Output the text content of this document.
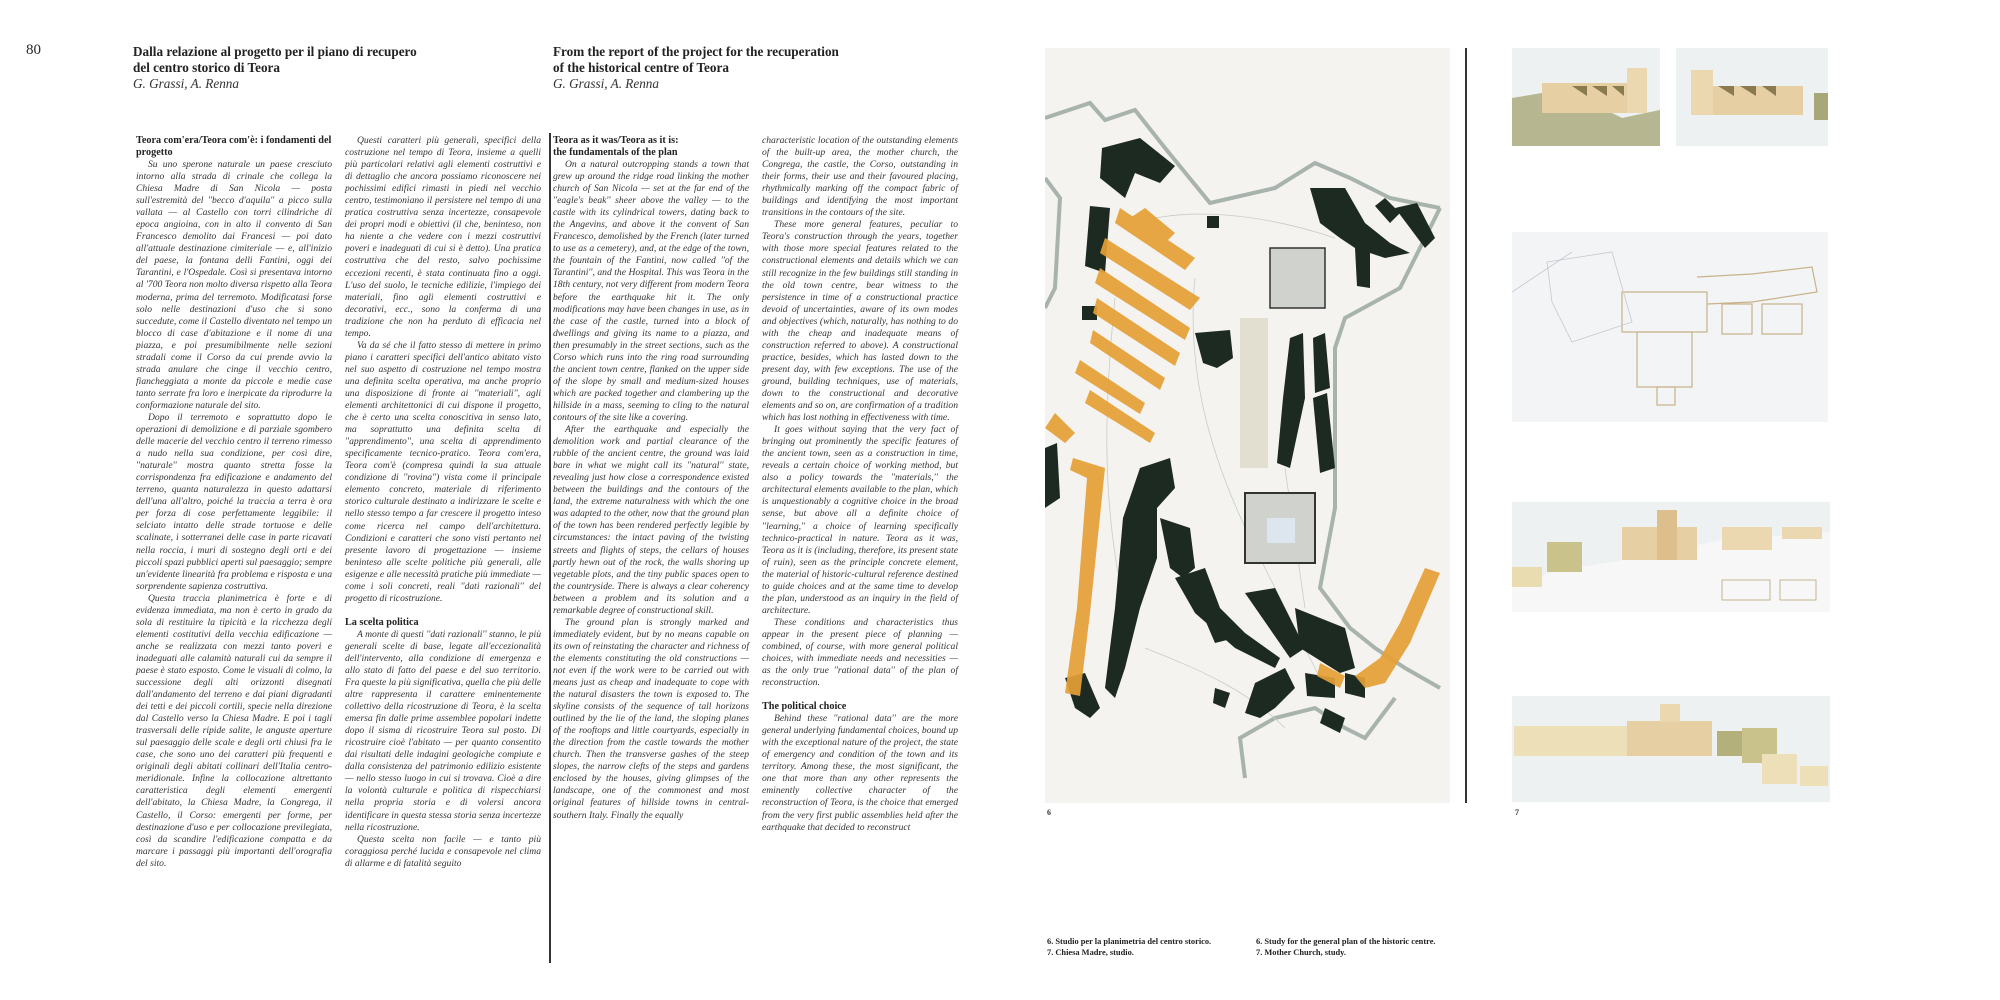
80	Dalla relazione al progetto per il piano di recupero
del centro storico di Teora
G. Grassi, A. Renna
From the report of the project for the recuperation
of the historical centre of Teora
G. Grassi, A. Renna
Teora com'era/Teora com'è: i fondamenti del progetto

Su uno sperone naturale un paese cresciuto intorno alla strada di crinale che collega la Chiesa Madre di San Nicola — posta sull'estremità del ''becco d'aquila'' a picco sulla vallata — al Castello con torri cilindriche di epoca angioina, con in alto il convento di San Francesco demolito dai Francesi — poi dato all'attuale destinazione cimiteriale — e, all'inizio del paese, la fontana delli Fantini, oggi dei Tarantini, e l'Ospedale. Così si presentava intorno al '700 Teora non molto diversa rispetto alla Teora moderna, prima del terremoto. Modificatasi forse solo nelle destinazioni d'uso che si sono succedute, come il Castello diventato nel tempo un blocco di case d'abitazione e il nome di una piazza, e poi presumibilmente nelle sezioni stradali come il Corso da cui prende avvio la strada anulare che cinge il vecchio centro, fiancheggiata a monte da piccole e medie case tanto serrate fra loro e inerpicate da riprodurre la conformazione naturale del sito.

Dopo il terremoto e soprattutto dopo le operazioni di demolizione e di parziale sgombero delle macerie del vecchio centro il terreno rimesso a nudo nella sua condizione, per così dire, ''naturale'' mostra quanto stretta fosse la corrispondenza fra edificazione e andamento del terreno, quanta naturalezza in questo adattarsi dell'una all'altro, poiché la traccia a terra è ora per forza di cose perfettamente leggibile: il selciato intatto delle strade tortuose e delle scalinate, i sotterranei delle case in parte ricavati nella roccia, i muri di sostegno degli orti e dei piccoli spazi pubblici aperti sul paesaggio; sempre un'evidente linearità fra problema e risposta e una sorprendente sapienza costruttiva.

Questa traccia planimetrica è forte e di evidenza immediata, ma non è certo in grado da sola di restituire la tipicità e la ricchezza degli elementi costitutivi della vecchia edificazione — anche se realizzata con mezzi tanto poveri e inadeguati alle calamità naturali cui da sempre il paese è stato esposto. Come le visuali di colmo, la successione degli alti orizzonti disegnati dall'andamento del terreno e dai piani digradanti dei tetti e dei piccoli cortili, specie nella direzione dal Castello verso la Chiesa Madre. E poi i tagli trasversali delle ripide salite, le anguste aperture sul paesaggio delle scale e degli orti chiusi fra le case, che sono uno dei caratteri più frequenti e originali degli abitati collinari dell'Italia centro-meridionale. Infine la collocazione altrettanto caratteristica degli elementi emergenti dell'abitato, la Chiesa Madre, la Congrega, il Castello, il Corso: emergenti per forme, per destinazione d'uso e per collocazione previlegiata, così da scandire l'edificazione compatta e da marcare i passaggi più importanti dell'orografia del sito.

Questi caratteri più generali, specifici della costruzione nel tempo di Teora, insieme a quelli più particolari relativi agli elementi costruttivi e di dettaglio che ancora possiamo riconoscere nei pochissimi edifici rimasti in piedi nel vecchio centro, testimoniano il persistere nel tempo di una pratica costruttiva senza incertezze, consapevole dei propri modi e obiettivi (il che, beninteso, non ha niente a che vedere con i mezzi costruttivi poveri e inadeguati di cui si è detto). Una pratica costruttiva che del resto, salvo pochissime eccezioni recenti, è stata continuata fino a oggi. L'uso del suolo, le tecniche edilizie, l'impiego dei materiali, fino agli elementi costruttivi e decorativi, ecc., sono la conferma di una tradizione che non ha perduto di efficacia nel tempo.

Va da sé che il fatto stesso di mettere in primo piano i caratteri specifici dell'antico abitato visto nel suo aspetto di costruzione nel tempo mostra una definita scelta operativa, ma anche proprio una disposizione di fronte ai ''materiali'', agli elementi architettonici di cui dispone il progetto, che è certo una scelta conoscitiva in senso lato, ma soprattutto una definita scelta di ''apprendimento'', una scelta di apprendimento specificamente tecnico-pratico. Teora com'era, Teora com'è (compresa quindi la sua attuale condizione di ''rovina'') vista come il principale elemento concreto, materiale di riferimento storico culturale destinato a indirizzare le scelte e nello stesso tempo a far crescere il progetto inteso come ricerca nel campo dell'architettura. Condizioni e caratteri che sono visti pertanto nel presente lavoro di progettazione — insieme beninteso alle scelte politiche più generali, alle esigenze e alle necessità pratiche più immediate — come i soli concreti, reali ''dati razionali'' del progetto di ricostruzione.

La scelta politica

A monte di questi ''dati razionali'' stanno, le più generali scelte di base, legate all'eccezionalità dell'intervento, alla condizione di emergenza e allo stato di fatto del paese e del suo territorio. Fra queste la più significativa, quella che più delle altre rappresenta il carattere eminentemente collettivo della ricostruzione di Teora, è la scelta emersa fin dalle prime assemblee popolari indette dopo il sisma di ricostruire Teora sul posto. Di ricostruire cioè l'abitato — per quanto consentito dai risultati delle indagini geologiche compiute e dalla consistenza del patrimonio edilizio esistente — nello stesso luogo in cui si trovava. Cioè a dire la volontà culturale e politica di rispecchiarsi nella propria storia e di volersi ancora identificare in questa stessa storia senza incertezze nella ricostruzione.

Questa scelta non facile — e tanto più coraggiosa perché lucida e consapevole nel clima di allarme e di fatalità seguito

Teora as it was/Teora as it is:
the fundamentals of the plan

On a natural outcropping stands a town that grew up around the ridge road linking the mother church of San Nicola — set at the far end of the ''eagle's beak'' sheer above the valley — to the castle with its cylindrical towers, dating back to the Angevins, and above it the convent of San Francesco, demolished by the French (later turned to use as a cemetery), and, at the edge of the town, the fountain of the Fantini, now called ''of the Tarantini'', and the Hospital. This was Teora in the 18th century, not very different from modern Teora before the earthquake hit it. The only modifications may have been changes in use, as in the case of the castle, turned into a block of dwellings and giving its name to a piazza, and then presumably in the street sections, such as the Corso which runs into the ring road surrounding the ancient town centre, flanked on the upper side of the slope by small and medium-sized houses which are packed together and clambering up the hillside in a mass, seeming to cling to the natural contours of the site like a covering.

After the earthquake and especially the demolition work and partial clearance of the rubble of the ancient centre, the ground was laid bare in what we might call its ''natural'' state, revealing just how close a correspondence existed between the buildings and the contours of the land, the extreme naturalness with which the one was adapted to the other, now that the ground plan of the town has been rendered perfectly legible by circumstances: the intact paving of the twisting streets and flights of steps, the cellars of houses partly hewn out of the rock, the walls shoring up vegetable plots, and the tiny public spaces open to the countryside. There is always a clear coherency between a problem and its solution and a remarkable degree of constructional skill.

The ground plan is strongly marked and immediately evident, but by no means capable on its own of reinstating the character and richness of the elements constituting the old constructions — not even if the work were to be carried out with means just as cheap and inadequate to cope with the natural disasters the town is exposed to. The skyline consists of the sequence of tall horizons outlined by the lie of the land, the sloping planes of the rooftops and little courtyards, especially in the direction from the castle towards the mother church. Then the transverse gashes of the steep slopes, the narrow clefts of the steps and gardens enclosed by the houses, giving glimpses of the landscape, one of the commonest and most original features of hillside towns in central-southern Italy. Finally the equally

characteristic location of the outstanding elements of the built-up area, the mother church, the Congrega, the castle, the Corso, outstanding in their forms, their use and their favoured placing, rhythmically marking off the compact fabric of buildings and identifying the most important transitions in the contours of the site.

These more general features, peculiar to Teora's construction through the years, together with those more special features related to the constructional elements and details which we can still recognize in the few buildings still standing in the old town centre, bear witness to the persistence in time of a constructional practice devoid of uncertainties, aware of its own modes and objectives (which, naturally, has nothing to do with the cheap and inadequate means of construction referred to above). A constructional practice, besides, which has lasted down to the present day, with few exceptions. The use of the ground, building techniques, use of materials, down to the constructional and decorative elements and so on, are confirmation of a tradition which has lost nothing in effectiveness with time.

It goes without saying that the very fact of bringing out prominently the specific features of the ancient town, seen as a construction in time, reveals a certain choice of working method, but also a policy towards the ''materials,'' the architectural elements available to the plan, which is unquestionably a cognitive choice in the broad sense, but above all a definite choice of ''learning,'' a choice of learning specifically technico-practical in nature. Teora as it was, Teora as it is (including, therefore, its present state of ruin), seen as the principle concrete element, the material of historic-cultural reference destined to guide choices and at the same time to develop the plan, understood as an inquiry in the field of architecture.

These conditions and characteristics thus appear in the present piece of planning — combined, of course, with more general political choices, with immediate needs and necessities — as the only true ''rational data'' of the plan of reconstruction.

The political choice

Behind these ''rational data'' are the more general underlying fundamental choices, bound up with the exceptional nature of the project, the state of emergency and condition of the town and its territory. Among these, the most significant, the one that more than any other represents the eminently collective character of the reconstruction of Teora, is the choice that emerged from the very first public assemblies held after the earthquake that decided to reconstruct

6	7
6. Studio per la planimetria del centro storico.
7. Chiesa Madre, studio.
6. Study for the general plan of the historic centre.
7. Mother Church, study.
